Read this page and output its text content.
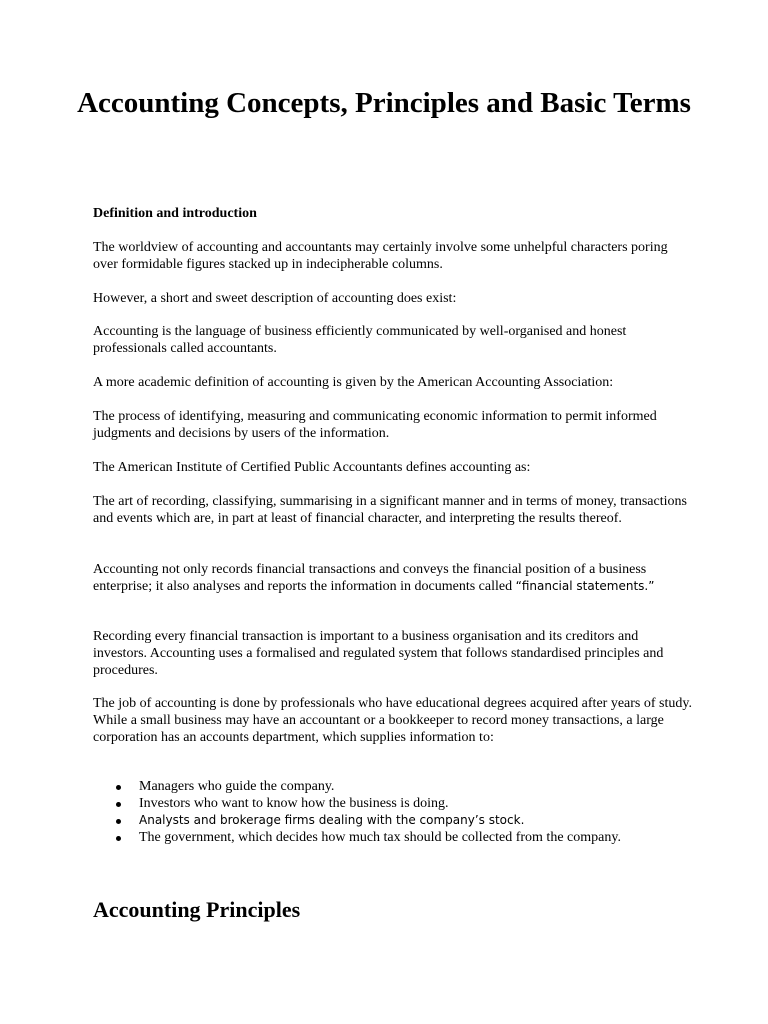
Accounting Concepts, Principles and Basic Terms
Definition and introduction

The worldview of accounting and accountants may certainly involve some unhelpful characters poring over formidable figures stacked up in indecipherable columns.

However, a short and sweet description of accounting does exist:

Accounting is the language of business efficiently communicated by well-organised and honest professionals called accountants.

A more academic definition of accounting is given by the American Accounting Association:

The process of identifying, measuring and communicating economic information to permit informed judgments and decisions by users of the information.

The American Institute of Certified Public Accountants defines accounting as:

The art of recording, classifying, summarising in a significant manner and in terms of money, transactions and events which are, in part at least of financial character, and interpreting the results thereof.

Accounting not only records financial transactions and conveys the financial position of a business enterprise; it also analyses and reports the information in documents called “financial statements.”

Recording every financial transaction is important to a business organisation and its creditors and investors. Accounting uses a formalised and regulated system that follows standardised principles and procedures.

The job of accounting is done by professionals who have educational degrees acquired after years of study. While a small business may have an accountant or a bookkeeper to record money transactions, a large corporation has an accounts department, which supplies information to:

Managers who guide the company.
Investors who want to know how the business is doing.
Analysts and brokerage firms dealing with the company’s stock.
The government, which decides how much tax should be collected from the company.
Accounting Principles
